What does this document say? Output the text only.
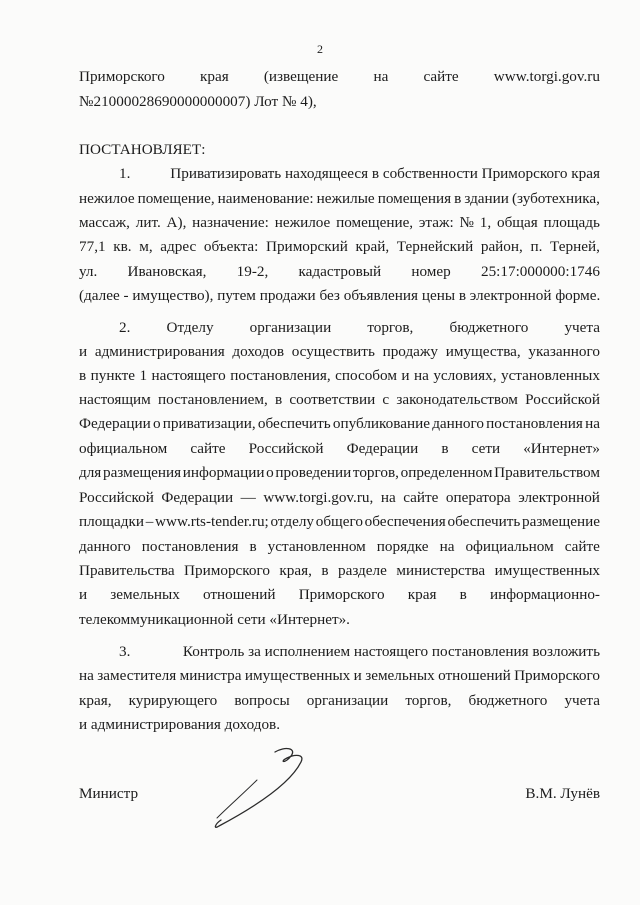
2
Приморского края (извещение на сайте www.torgi.gov.ru
№21000028690000000007) Лот № 4),
ПОСТАНОВЛЯЕТ:
1.	Приватизировать находящееся в собственности Приморского края
нежилое помещение, наименование: нежилые помещения в здании (зуботехника,
массаж, лит. А), назначение: нежилое помещение, этаж: № 1, общая площадь
77,1 кв. м, адрес объекта: Приморский край, Тернейский район, п. Терней,
ул. Ивановская, 19-2, кадастровый номер 25:17:000000:1746
(далее - имущество), путем продажи без объявления цены в электронной форме.
2. Отделу организации торгов, бюджетного учета
и администрирования доходов осуществить продажу имущества, указанного
в пункте 1 настоящего постановления, способом и на условиях, установленных
настоящим постановлением, в соответствии с законодательством Российской
Федерации о приватизации, обеспечить опубликование данного постановления на
официальном сайте Российской Федерации в сети «Интернет»
для размещения информации о проведении торгов, определенном Правительством
Российской Федерации — www.torgi.gov.ru, на сайте оператора электронной
площадки – www.rts-tender.ru; отделу общего обеспечения обеспечить размещение
данного постановления в установленном порядке на официальном сайте
Правительства Приморского края, в разделе министерства имущественных
и земельных отношений Приморского края в информационно-
телекоммуникационной сети «Интернет».
3.	Контроль за исполнением настоящего постановления возложить
на заместителя министра имущественных и земельных отношений Приморского
края, курирующего вопросы организации торгов, бюджетного учета
и администрирования доходов.
Министр	В.М. Лунёв
